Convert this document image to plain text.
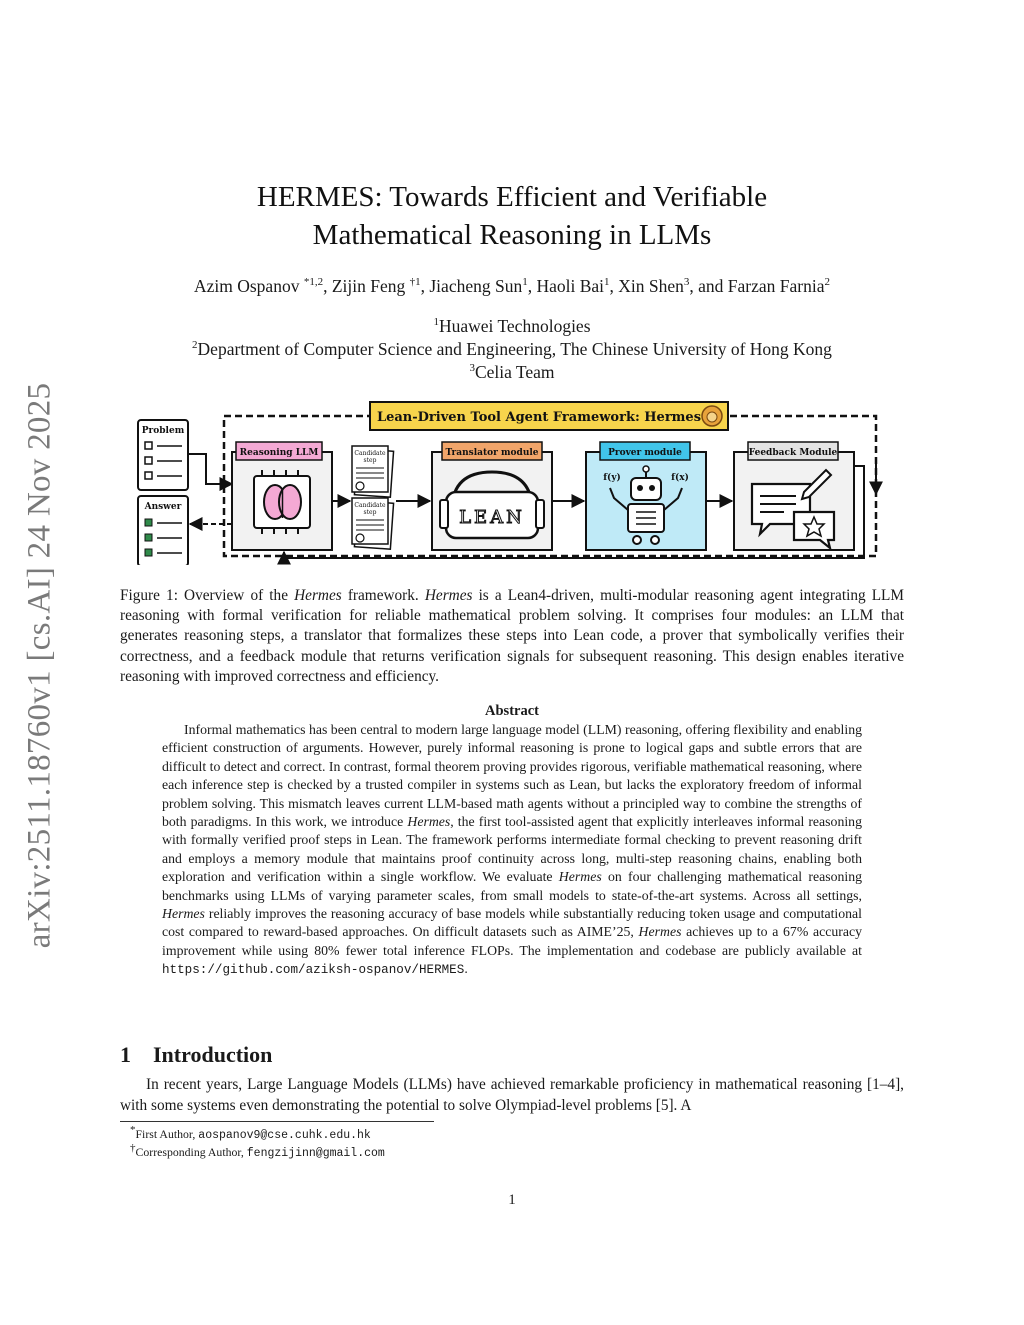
arXiv:2511.18760v1 [cs.AI] 24 Nov 2025
HERMES: Towards Efficient and Verifiable
Mathematical Reasoning in LLMs
Azim Ospanov $^{*1,2}$, Zijin Feng $^{\dagger 1}$, Jiacheng Sun$^1$, Haoli Bai$^1$, Xin Shen$^3$, and Farzan Farnia$^2$
$^1$Huawei Technologies
$^2$Department of Computer Science and Engineering, The Chinese University of Hong Kong
$^3$Celia Team
Lean-Driven Tool Agent Framework: Hermes
Problem
Answer
Reasoning LLM	Candidate
step
Candidate
step
Translator module
LEAN
Prover module
f(y)	f(x)
Feedback Module
Figure 1: Overview of the Hermes framework. Hermes is a Lean4-driven, multi-modular reasoning agent integrating LLM reasoning with formal verification for reliable mathematical problem solving. It comprises four modules: an LLM that generates reasoning steps, a translator that formalizes these steps into Lean code, a prover that symbolically verifies their correctness, and a feedback module that returns verification signals for subsequent reasoning. This design enables iterative reasoning with improved correctness and efficiency.
Abstract
Informal mathematics has been central to modern large language model (LLM) reasoning, offering flexibility and enabling efficient construction of arguments. However, purely informal reasoning is prone to logical gaps and subtle errors that are difficult to detect and correct. In contrast, formal theorem proving provides rigorous, verifiable mathematical reasoning, where each inference step is checked by a trusted compiler in systems such as Lean, but lacks the exploratory freedom of informal problem solving. This mismatch leaves current LLM-based math agents without a principled way to combine the strengths of both paradigms. In this work, we introduce Hermes, the first tool-assisted agent that explicitly interleaves informal reasoning with formally verified proof steps in Lean. The framework performs intermediate formal checking to prevent reasoning drift and employs a memory module that maintains proof continuity across long, multi-step reasoning chains, enabling both exploration and verification within a single workflow. We evaluate Hermes on four challenging mathematical reasoning benchmarks using LLMs of varying parameter scales, from small models to state-of-the-art systems. Across all settings, Hermes reliably improves the reasoning accuracy of base models while substantially reducing token usage and computational cost compared to reward-based approaches. On difficult datasets such as AIME’25, Hermes achieves up to a 67% accuracy improvement while using 80% fewer total inference FLOPs. The implementation and codebase are publicly available at https://github.com/aziksh-ospanov/HERMES.
1 Introduction
In recent years, Large Language Models (LLMs) have achieved remarkable proficiency in mathematical reasoning [1–4], with some systems even demonstrating the potential to solve Olympiad-level problems [5]. A
*First Author, aospanov9@cse.cuhk.edu.hk
†Corresponding Author, fengzijinn@gmail.com
1
